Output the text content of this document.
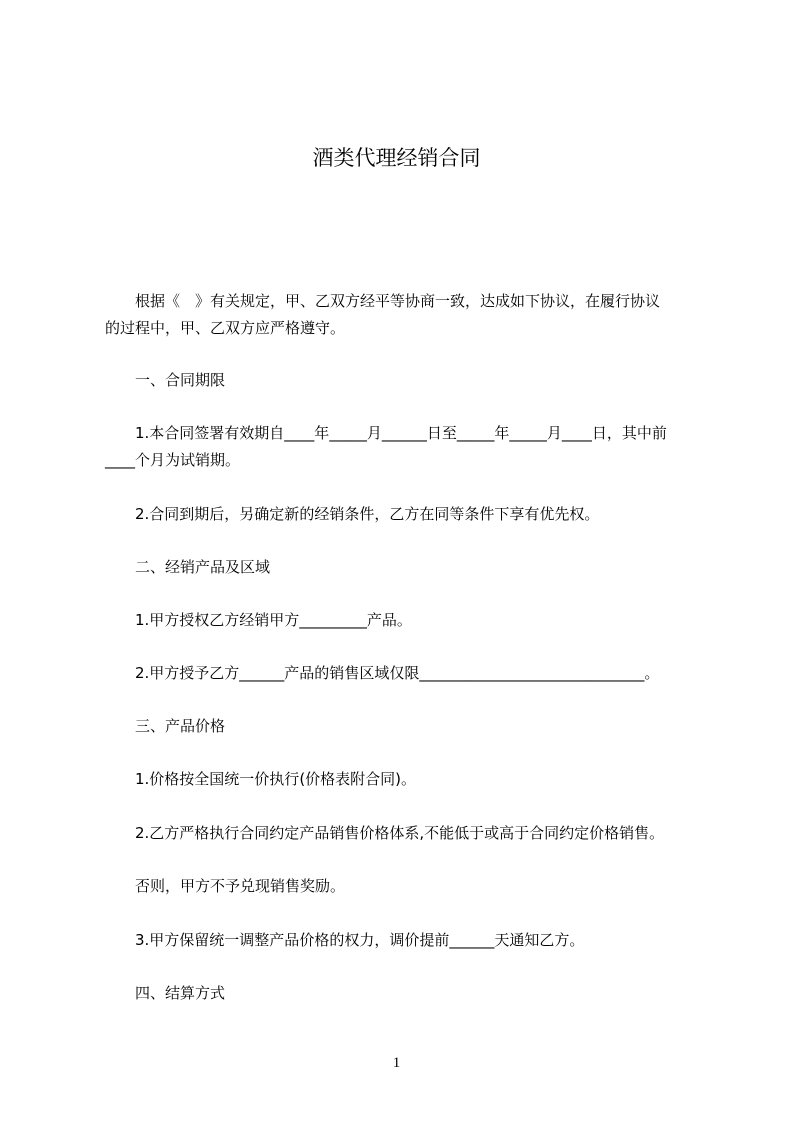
酒类代理经销合同
根据《　》有关规定，甲、乙双方经平等协商一致，达成如下协议，在履行协议
的过程中，甲、乙双方应严格遵守。
一、合同期限
1.本合同签署有效期自____年_____月______日至_____年_____月____日，其中前
____个月为试销期。
2.合同到期后，另确定新的经销条件，乙方在同等条件下享有优先权。
二、经销产品及区域
1.甲方授权乙方经销甲方_________产品。
2.甲方授予乙方______产品的销售区域仅限______________________________。
三、产品价格
1.价格按全国统一价执行(价格表附合同)。
2.乙方严格执行合同约定产品销售价格体系,不能低于或高于合同约定价格销售。
否则，甲方不予兑现销售奖励。
3.甲方保留统一调整产品价格的权力，调价提前______天通知乙方。
四、结算方式
1
